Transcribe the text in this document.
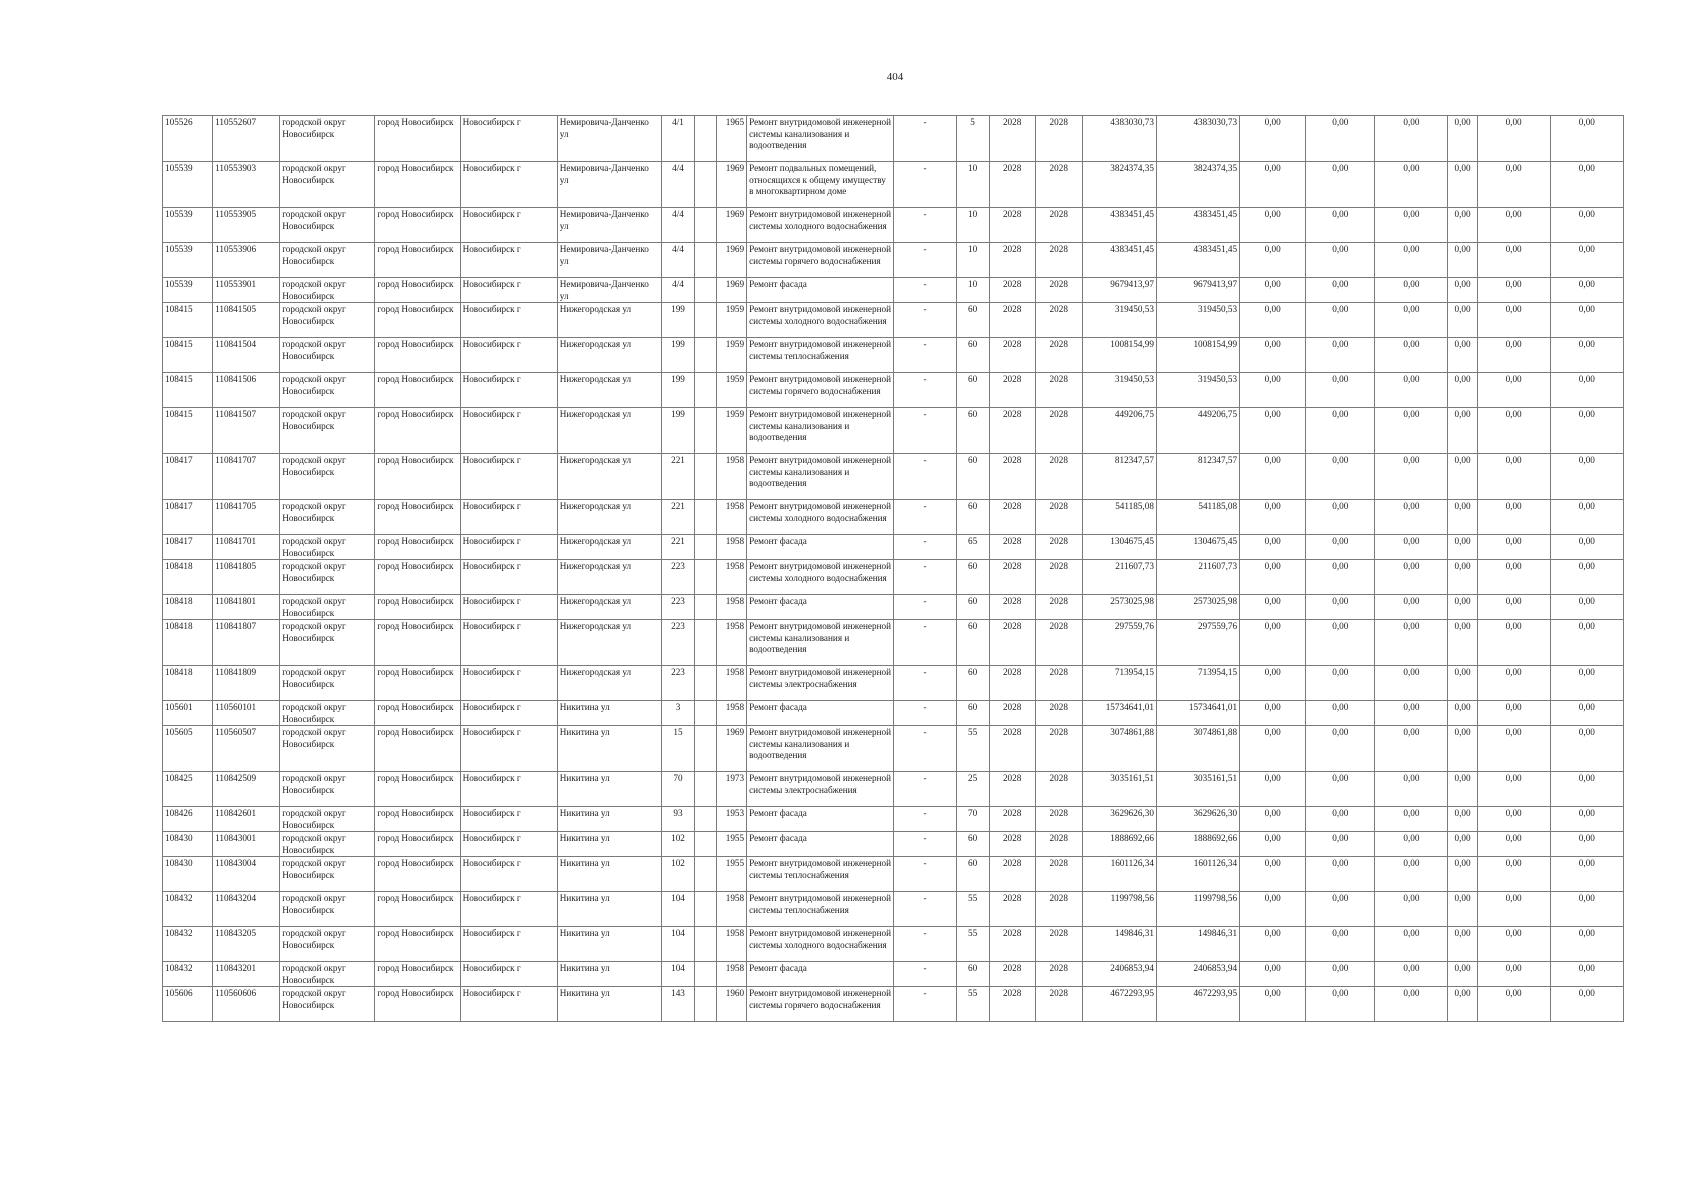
404
105526	110552607	городской округ Новосибирск	город Новосибирск	Новосибирск г	Немировича-Данченко ул	4/1		1965	Ремонт внутридомовой инженерной системы канализования и водоотведения	-	5	2028	2028	4383030,73	4383030,73	0,00	0,00	0,00	0,00	0,00	0,00
105539	110553903	городской округ Новосибирск	город Новосибирск	Новосибирск г	Немировича-Данченко ул	4/4		1969	Ремонт подвальных помещений, относящихся к общему имуществу в многоквартирном доме	-	10	2028	2028	3824374,35	3824374,35	0,00	0,00	0,00	0,00	0,00	0,00
105539	110553905	городской округ Новосибирск	город Новосибирск	Новосибирск г	Немировича-Данченко ул	4/4		1969	Ремонт внутридомовой инженерной системы холодного водоснабжения	-	10	2028	2028	4383451,45	4383451,45	0,00	0,00	0,00	0,00	0,00	0,00
105539	110553906	городской округ Новосибирск	город Новосибирск	Новосибирск г	Немировича-Данченко ул	4/4		1969	Ремонт внутридомовой инженерной системы горячего водоснабжения	-	10	2028	2028	4383451,45	4383451,45	0,00	0,00	0,00	0,00	0,00	0,00
105539	110553901	городской округ Новосибирск	город Новосибирск	Новосибирск г	Немировича-Данченко ул	4/4		1969	Ремонт фасада	-	10	2028	2028	9679413,97	9679413,97	0,00	0,00	0,00	0,00	0,00	0,00
108415	110841505	городской округ Новосибирск	город Новосибирск	Новосибирск г	Нижегородская ул	199		1959	Ремонт внутридомовой инженерной системы холодного водоснабжения	-	60	2028	2028	319450,53	319450,53	0,00	0,00	0,00	0,00	0,00	0,00
108415	110841504	городской округ Новосибирск	город Новосибирск	Новосибирск г	Нижегородская ул	199		1959	Ремонт внутридомовой инженерной системы теплоснабжения	-	60	2028	2028	1008154,99	1008154,99	0,00	0,00	0,00	0,00	0,00	0,00
108415	110841506	городской округ Новосибирск	город Новосибирск	Новосибирск г	Нижегородская ул	199		1959	Ремонт внутридомовой инженерной системы горячего водоснабжения	-	60	2028	2028	319450,53	319450,53	0,00	0,00	0,00	0,00	0,00	0,00
108415	110841507	городской округ Новосибирск	город Новосибирск	Новосибирск г	Нижегородская ул	199		1959	Ремонт внутридомовой инженерной системы канализования и водоотведения	-	60	2028	2028	449206,75	449206,75	0,00	0,00	0,00	0,00	0,00	0,00
108417	110841707	городской округ Новосибирск	город Новосибирск	Новосибирск г	Нижегородская ул	221		1958	Ремонт внутридомовой инженерной системы канализования и водоотведения	-	60	2028	2028	812347,57	812347,57	0,00	0,00	0,00	0,00	0,00	0,00
108417	110841705	городской округ Новосибирск	город Новосибирск	Новосибирск г	Нижегородская ул	221		1958	Ремонт внутридомовой инженерной системы холодного водоснабжения	-	60	2028	2028	541185,08	541185,08	0,00	0,00	0,00	0,00	0,00	0,00
108417	110841701	городской округ Новосибирск	город Новосибирск	Новосибирск г	Нижегородская ул	221		1958	Ремонт фасада	-	65	2028	2028	1304675,45	1304675,45	0,00	0,00	0,00	0,00	0,00	0,00
108418	110841805	городской округ Новосибирск	город Новосибирск	Новосибирск г	Нижегородская ул	223		1958	Ремонт внутридомовой инженерной системы холодного водоснабжения	-	60	2028	2028	211607,73	211607,73	0,00	0,00	0,00	0,00	0,00	0,00
108418	110841801	городской округ Новосибирск	город Новосибирск	Новосибирск г	Нижегородская ул	223		1958	Ремонт фасада	-	60	2028	2028	2573025,98	2573025,98	0,00	0,00	0,00	0,00	0,00	0,00
108418	110841807	городской округ Новосибирск	город Новосибирск	Новосибирск г	Нижегородская ул	223		1958	Ремонт внутридомовой инженерной системы канализования и водоотведения	-	60	2028	2028	297559,76	297559,76	0,00	0,00	0,00	0,00	0,00	0,00
108418	110841809	городской округ Новосибирск	город Новосибирск	Новосибирск г	Нижегородская ул	223		1958	Ремонт внутридомовой инженерной системы электроснабжения	-	60	2028	2028	713954,15	713954,15	0,00	0,00	0,00	0,00	0,00	0,00
105601	110560101	городской округ Новосибирск	город Новосибирск	Новосибирск г	Никитина ул	3		1958	Ремонт фасада	-	60	2028	2028	15734641,01	15734641,01	0,00	0,00	0,00	0,00	0,00	0,00
105605	110560507	городской округ Новосибирск	город Новосибирск	Новосибирск г	Никитина ул	15		1969	Ремонт внутридомовой инженерной системы канализования и водоотведения	-	55	2028	2028	3074861,88	3074861,88	0,00	0,00	0,00	0,00	0,00	0,00
108425	110842509	городской округ Новосибирск	город Новосибирск	Новосибирск г	Никитина ул	70		1973	Ремонт внутридомовой инженерной системы электроснабжения	-	25	2028	2028	3035161,51	3035161,51	0,00	0,00	0,00	0,00	0,00	0,00
108426	110842601	городской округ Новосибирск	город Новосибирск	Новосибирск г	Никитина ул	93		1953	Ремонт фасада	-	70	2028	2028	3629626,30	3629626,30	0,00	0,00	0,00	0,00	0,00	0,00
108430	110843001	городской округ Новосибирск	город Новосибирск	Новосибирск г	Никитина ул	102		1955	Ремонт фасада	-	60	2028	2028	1888692,66	1888692,66	0,00	0,00	0,00	0,00	0,00	0,00
108430	110843004	городской округ Новосибирск	город Новосибирск	Новосибирск г	Никитина ул	102		1955	Ремонт внутридомовой инженерной системы теплоснабжения	-	60	2028	2028	1601126,34	1601126,34	0,00	0,00	0,00	0,00	0,00	0,00
108432	110843204	городской округ Новосибирск	город Новосибирск	Новосибирск г	Никитина ул	104		1958	Ремонт внутридомовой инженерной системы теплоснабжения	-	55	2028	2028	1199798,56	1199798,56	0,00	0,00	0,00	0,00	0,00	0,00
108432	110843205	городской округ Новосибирск	город Новосибирск	Новосибирск г	Никитина ул	104		1958	Ремонт внутридомовой инженерной системы холодного водоснабжения	-	55	2028	2028	149846,31	149846,31	0,00	0,00	0,00	0,00	0,00	0,00
108432	110843201	городской округ Новосибирск	город Новосибирск	Новосибирск г	Никитина ул	104		1958	Ремонт фасада	-	60	2028	2028	2406853,94	2406853,94	0,00	0,00	0,00	0,00	0,00	0,00
105606	110560606	городской округ Новосибирск	город Новосибирск	Новосибирск г	Никитина ул	143		1960	Ремонт внутридомовой инженерной системы горячего водоснабжения	-	55	2028	2028	4672293,95	4672293,95	0,00	0,00	0,00	0,00	0,00	0,00
